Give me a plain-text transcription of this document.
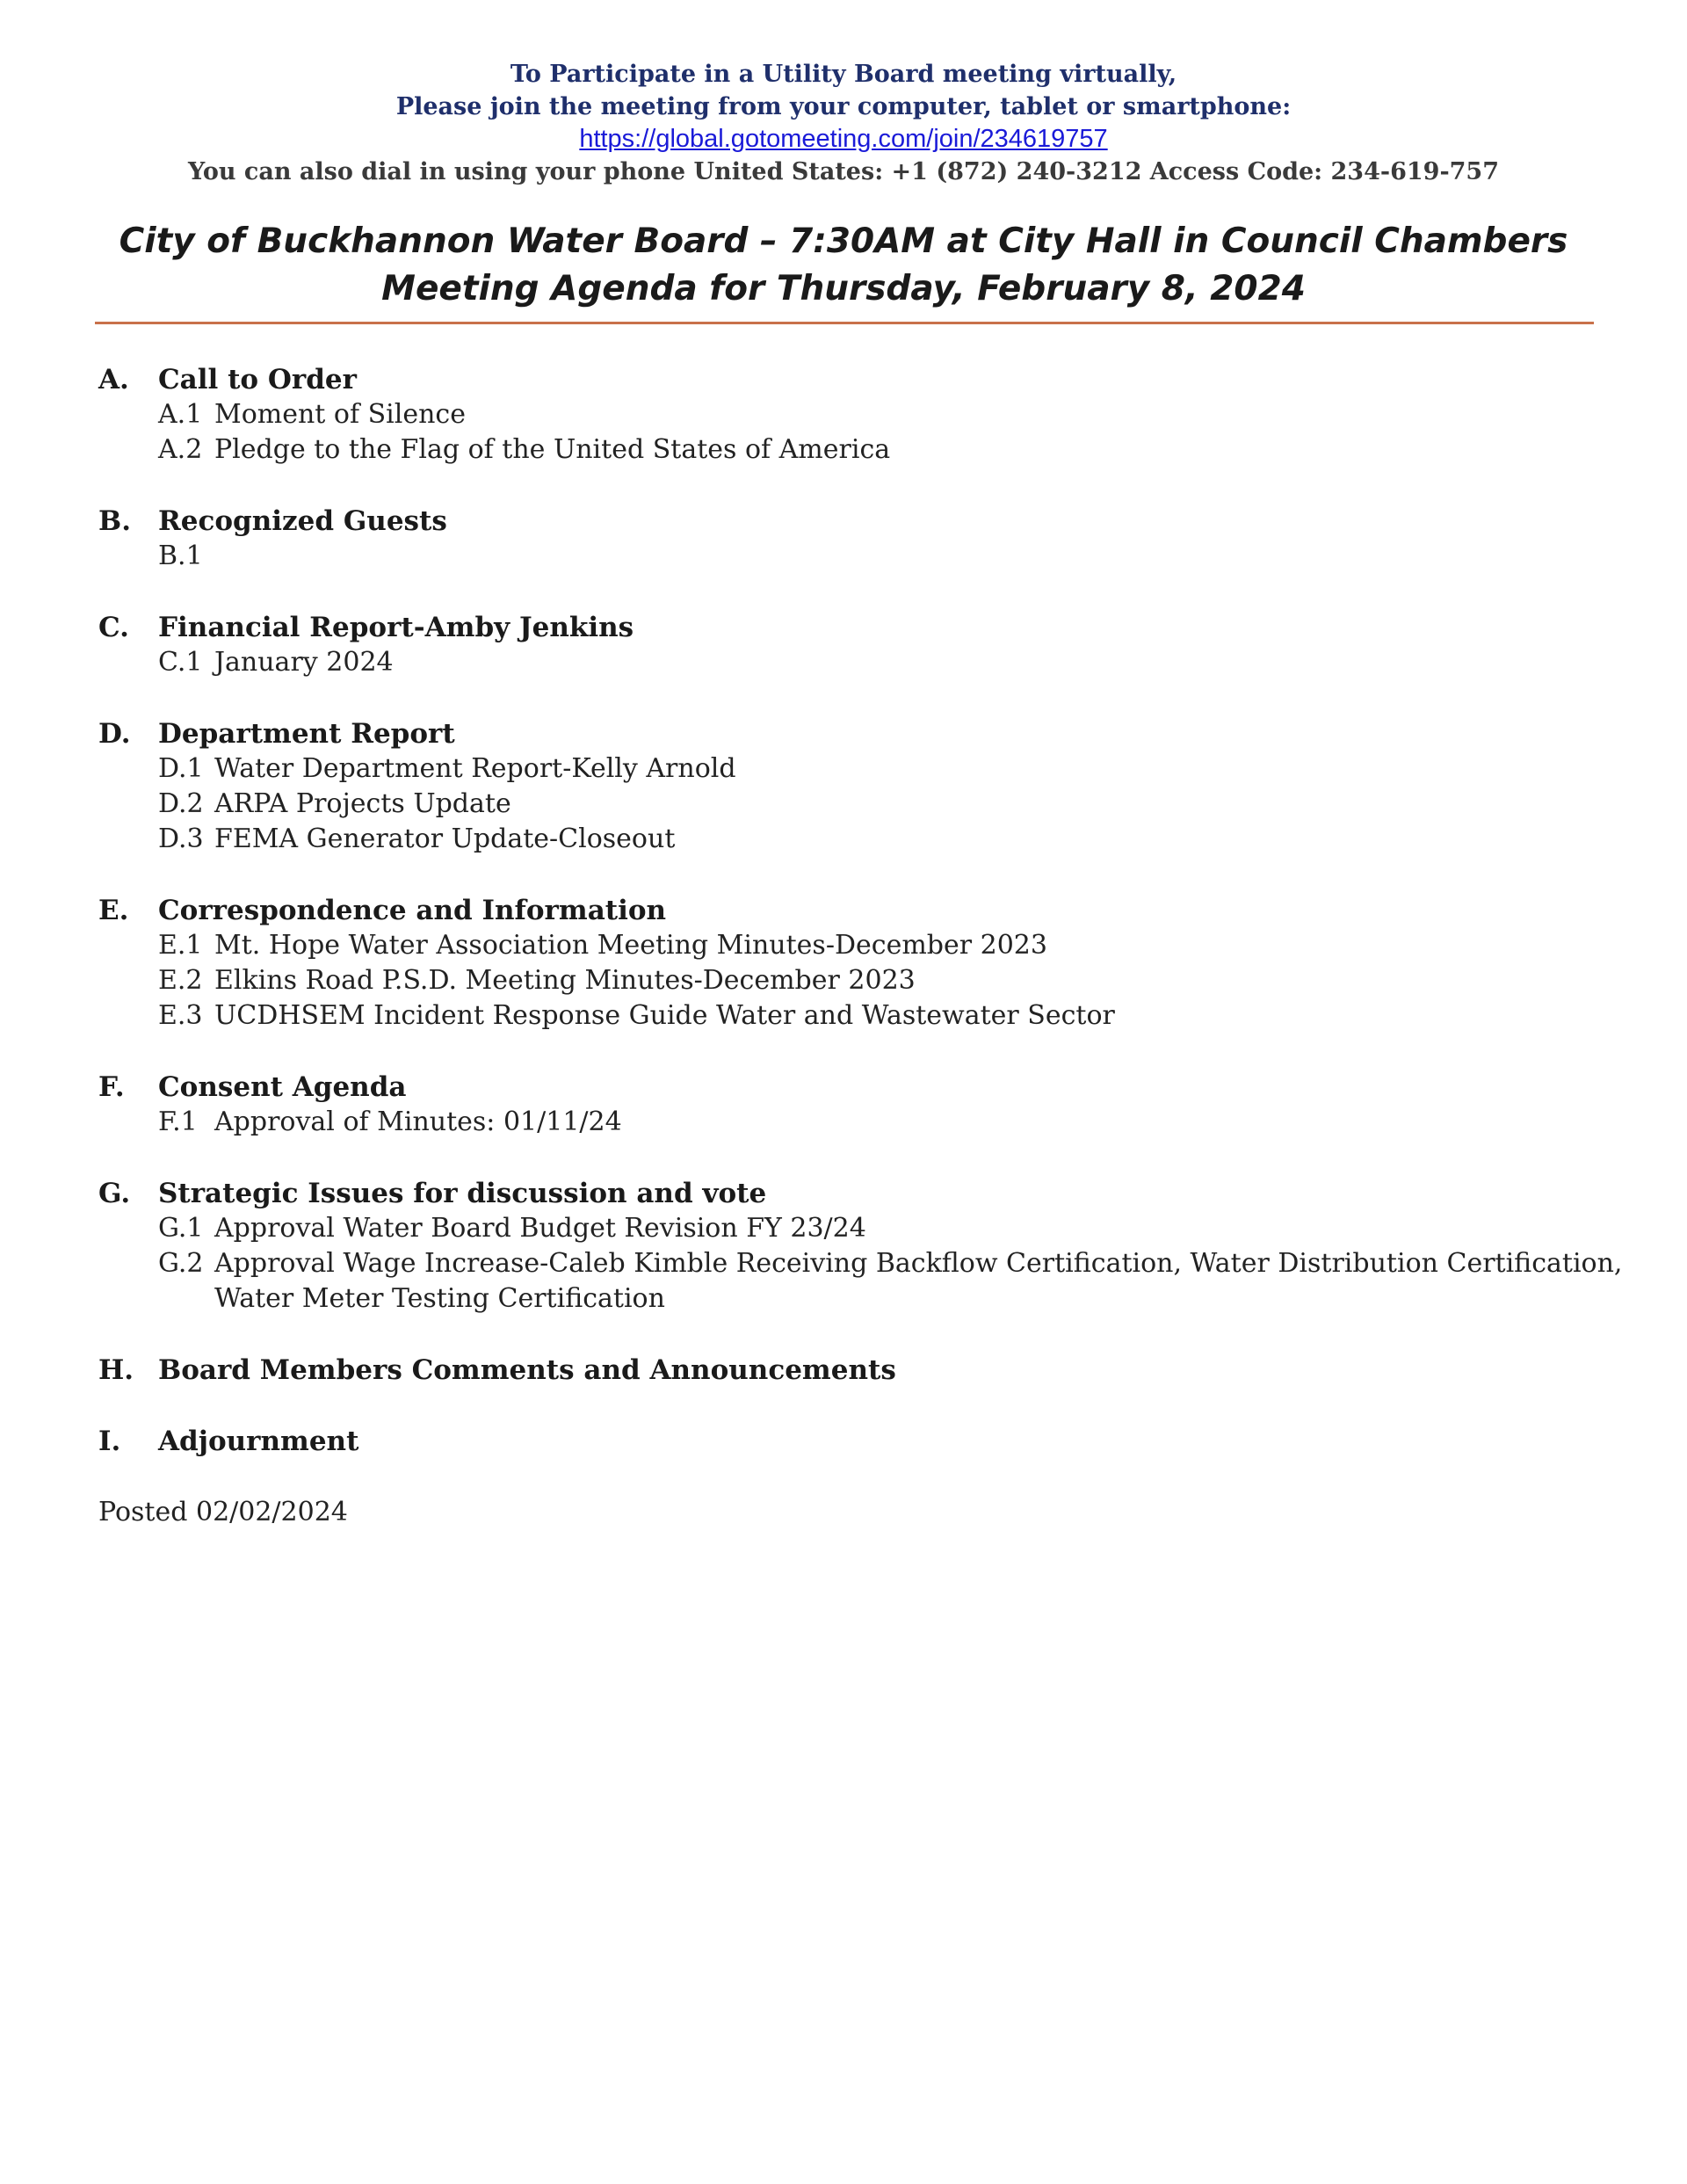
To Participate in a Utility Board meeting virtually,
Please join the meeting from your computer, tablet or smartphone:
https://global.gotomeeting.com/join/234619757
You can also dial in using your phone United States: +1 (872) 240-3212 Access Code: 234-619-757
City of Buckhannon Water Board – 7:30AM at City Hall in Council Chambers
Meeting Agenda for Thursday, February 8, 2024
A. Call to Order
A.1 Moment of Silence
A.2 Pledge to the Flag of the United States of America
B. Recognized Guests
B.1
C. Financial Report-Amby Jenkins
C.1 January 2024
D. Department Report
D.1 Water Department Report-Kelly Arnold
D.2 ARPA Projects Update
D.3 FEMA Generator Update-Closeout
E. Correspondence and Information
E.1 Mt. Hope Water Association Meeting Minutes-December 2023
E.2 Elkins Road P.S.D. Meeting Minutes-December 2023
E.3 UCDHSEM Incident Response Guide Water and Wastewater Sector
F. Consent Agenda
F.1 Approval of Minutes: 01/11/24
G. Strategic Issues for discussion and vote
G.1 Approval Water Board Budget Revision FY 23/24
G.2 Approval Wage Increase-Caleb Kimble Receiving Backflow Certification, Water Distribution Certification,
Water Meter Testing Certification
H. Board Members Comments and Announcements
I. Adjournment
Posted 02/02/2024
